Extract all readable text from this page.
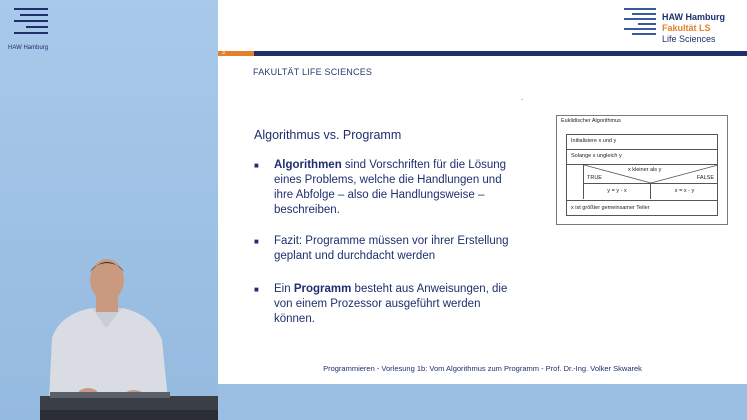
HAW Hamburg
HAW Hamburg
Fakultät LS
Life Sciences
3
FAKULTÄT LIFE SCIENCES
.
Algorithmus vs. Programm
■ Algorithmen sind Vorschriften für die Lösung eines Problems, welche die Handlungen und ihre Abfolge – also die Handlungsweise – beschreiben.
■ Fazit: Programme müssen vor ihrer Erstellung geplant und durchdacht werden
■ Ein Programm besteht aus Anweisungen, die von einem Prozessor ausgeführt werden können.
Euklidischer Algorithmus
Initialisiere x und y
Solange x ungleich y
x kleiner als y
TRUE	FALSE
y = y - x	x = x - y
x ist größter gemeinsamer Teiler
Programmieren - Vorlesung 1b: Vom Algorithmus zum Programm - Prof. Dr.-Ing. Volker Skwarek
